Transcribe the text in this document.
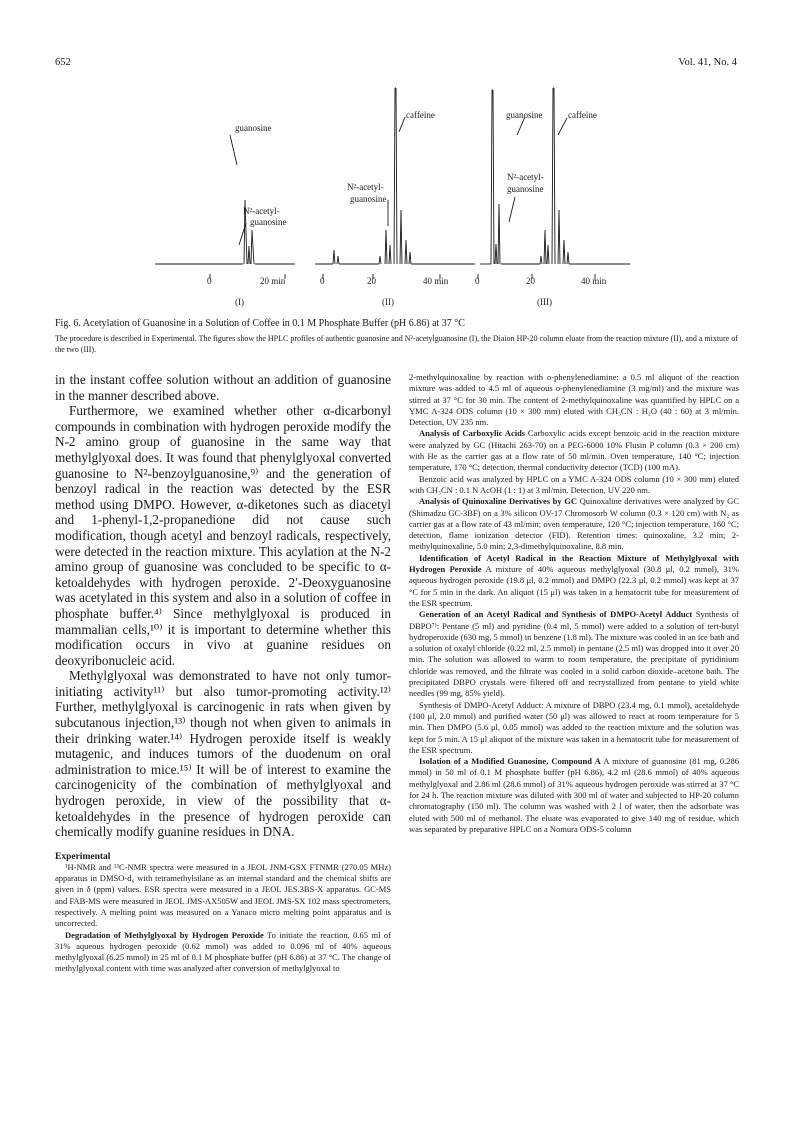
652	Vol. 41, No. 4
guanosine
N²-acetyl-
guanosine
0	20 min
(I)
caffeine
N²-acetyl-
guanosine
0	20	40 min
(II)
guanosine	caffeine
N²-acetyl-
guanosine
0	20	40 min
(III)
Fig. 6. Acetylation of Guanosine in a Solution of Coffee in 0.1 M Phosphate Buffer (pH 6.86) at 37 °C
The procedure is described in Experimental. The figures show the HPLC profiles of authentic guanosine and N²-acetylguanosine (I), the Diaion HP-20 column eluate from the reaction mixture (II), and a mixture of the two (III).

in the instant coffee solution without an addition of guanosine in the manner described above.

Furthermore, we examined whether other α-dicarbonyl compounds in combination with hydrogen peroxide modify the N-2 amino group of guanosine in the same way that methylglyoxal does. It was found that phenylglyoxal converted guanosine to N²-benzoylguanosine,⁹⁾ and the generation of benzoyl radical in the reaction was detected by the ESR method using DMPO. However, α-diketones such as diacetyl and 1-phenyl-1,2-propanedione did not cause such modification, though acetyl and benzoyl radicals, respectively, were detected in the reaction mixture. This acylation at the N-2 amino group of guanosine was concluded to be specific to α-ketoaldehydes with hydrogen peroxide. 2′-Deoxyguanosine was acetylated in this system and also in a solution of coffee in phosphate buffer.⁴⁾ Since methylglyoxal is produced in mammalian cells,¹⁰⁾ it is important to determine whether this modification occurs in vivo at guanine residues on deoxyribonucleic acid.

Methylglyoxal was demonstrated to have not only tumor-initiating activity¹¹⁾ but also tumor-promoting activity.¹²⁾ Further, methylglyoxal is carcinogenic in rats when given by subcutanous injection,¹³⁾ though not when given to animals in their drinking water.¹⁴⁾ Hydrogen peroxide itself is weakly mutagenic, and induces tumors of the duodenum on oral administration to mice.¹⁵⁾ It will be of interest to examine the carcinogenicity of the combination of methylglyoxal and hydrogen peroxide, in view of the possibility that α-ketoaldehydes in the presence of hydrogen peroxide can chemically modify guanine residues in DNA.

Experimental

¹H-NMR and ¹³C-NMR spectra were measured in a JEOL JNM-GSX FTNMR (270.05 MHz) apparatus in DMSO-d₆ with tetramethylsilane as an internal standard and the chemical shifts are given in δ (ppm) values. ESR spectra were measured in a JEOL JES.3BS-X apparatus. GC-MS and FAB-MS were measured in JEOL JMS-AX505W and JEOL JMS-SX 102 mass spectrometers, respectively. A melting point was measured on a Yanaco micro melting point apparatus and is uncorrected.

Degradation of Methylglyoxal by Hydrogen Peroxide To initiate the reaction, 0.65 ml of 31% aqueous hydrogen peroxide (0.62 mmol) was added to 0.096 ml of 40% aqueous methylglyoxal (6.25 mmol) in 25 ml of 0.1 M phosphate buffer (pH 6.86) at 37 °C. The change of methylglyoxal content with time was analyzed after conversion of methylglyoxal to

2-methylquinoxaline by reaction with o-phenylenediamine: a 0.5 ml aliquot of the reaction mixture was added to 4.5 ml of aqueous o-phenylenediamine (3 mg/ml) and the mixture was stirred at 37 °C for 30 min. The content of 2-methylquinoxaline was quantified by HPLC on a YMC A-324 ODS column (10 × 300 mm) eluted with CH₃CN : H₂O (40 : 60) at 3 ml/min. Detection, UV 235 nm.

Analysis of Carboxylic Acids Carboxylic acids except benzoic acid in the reaction mixture were analyzed by GC (Hitachi 263-70) on a PEG-6000 10% Flusin P column (0.3 × 200 cm) with He as the carrier gas at a flow rate of 50 ml/min. Oven temperature, 140 °C; injection temperature, 170 °C; detection, thermal conductivity detector (TCD) (100 mA).

Benzoic acid was analyzed by HPLC on a YMC A-324 ODS column (10 × 300 mm) eluted with CH₃CN : 0.1 N AcOH (1 : 1) at 3 ml/min. Detection, UV 220 nm.

Analysis of Quinoxaline Derivatives by GC Quinoxaline derivatives were analyzed by GC (Shimadzu GC-3BF) on a 3% silicon OV-17 Chromosorb W column (0.3 × 120 cm) with N₂ as carrier gas at a flow rate of 43 ml/min; oven temperature, 120 °C; injection temperature, 160 °C; detection, flame ionization detector (FID). Retention times: quinoxaline, 3.2 min; 2-methylquinoxaline, 5.0 min; 2,3-dimethylquinoxaline, 8.8 min.

Identification of Acetyl Radical in the Reaction Mixture of Methylglyoxal with Hydrogen Peroxide A mixture of 40% aqueous methylglyoxal (30.8 μl, 0.2 mmol), 31% aqueous hydrogen peroxide (19.8 μl, 0.2 mmol) and DMPO (22.3 μl, 0.2 mmol) was kept at 37 °C for 5 min in the dark. An aliquot (15 μl) was taken in a hematocrit tube for measurement of the ESR spectrum.

Generation of an Acetyl Radical and Synthesis of DMPO-Acetyl Adduct Synthesis of DBPO⁷⁾: Pentane (5 ml) and pyridine (0.4 ml, 5 mmol) were added to a solution of tert-butyl hydroperoxide (630 mg, 5 mmol) in benzene (1.8 ml). The mixture was cooled in an ice bath and a solution of oxalyl chloride (0.22 ml, 2.5 mmol) in pentane (2.5 ml) was dropped into it over 20 min. The solution was allowed to warm to room temperature, the precipitate of pyridinium chloride was removed, and the filtrate was cooled in a solid carbon dioxide–acetone bath. The precipitated DBPO crystals were filtered off and recrystallized from pentane to yield white needles (99 mg, 85% yield).

Synthesis of DMPO-Acetyl Adduct: A mixture of DBPO (23.4 mg, 0.1 mmol), acetaldehyde (100 μl, 2.0 mmol) and purified water (50 μl) was allowed to react at room temperature for 5 min. Then DMPO (5.6 μl, 0.05 mmol) was added to the reaction mixture and the solution was kept for 5 min. A 15 μl aliquot of the mixture was taken in a hematocrit tube for measurement of the ESR spectrum.

Isolation of a Modified Guanosine, Compound A A mixture of guanosine (81 mg, 0.286 mmol) in 50 ml of 0.1 M phosphate buffer (pH 6.86), 4.2 ml (28.6 mmol) of 40% aqueous methylglyoxal and 2.86 ml (28.6 mmol) of 31% aqueous hydrogen peroxide was stirred at 37 °C for 24 h. The reaction mixture was diluted with 300 ml of water and subjected to HP-20 column chromatography (150 ml). The column was washed with 2 l of water, then the adsorbate was eluted with 500 ml of methanol. The eluate was evaporated to give 140 mg of residue, which was separated by preparative HPLC on a Nomura ODS-5 column
